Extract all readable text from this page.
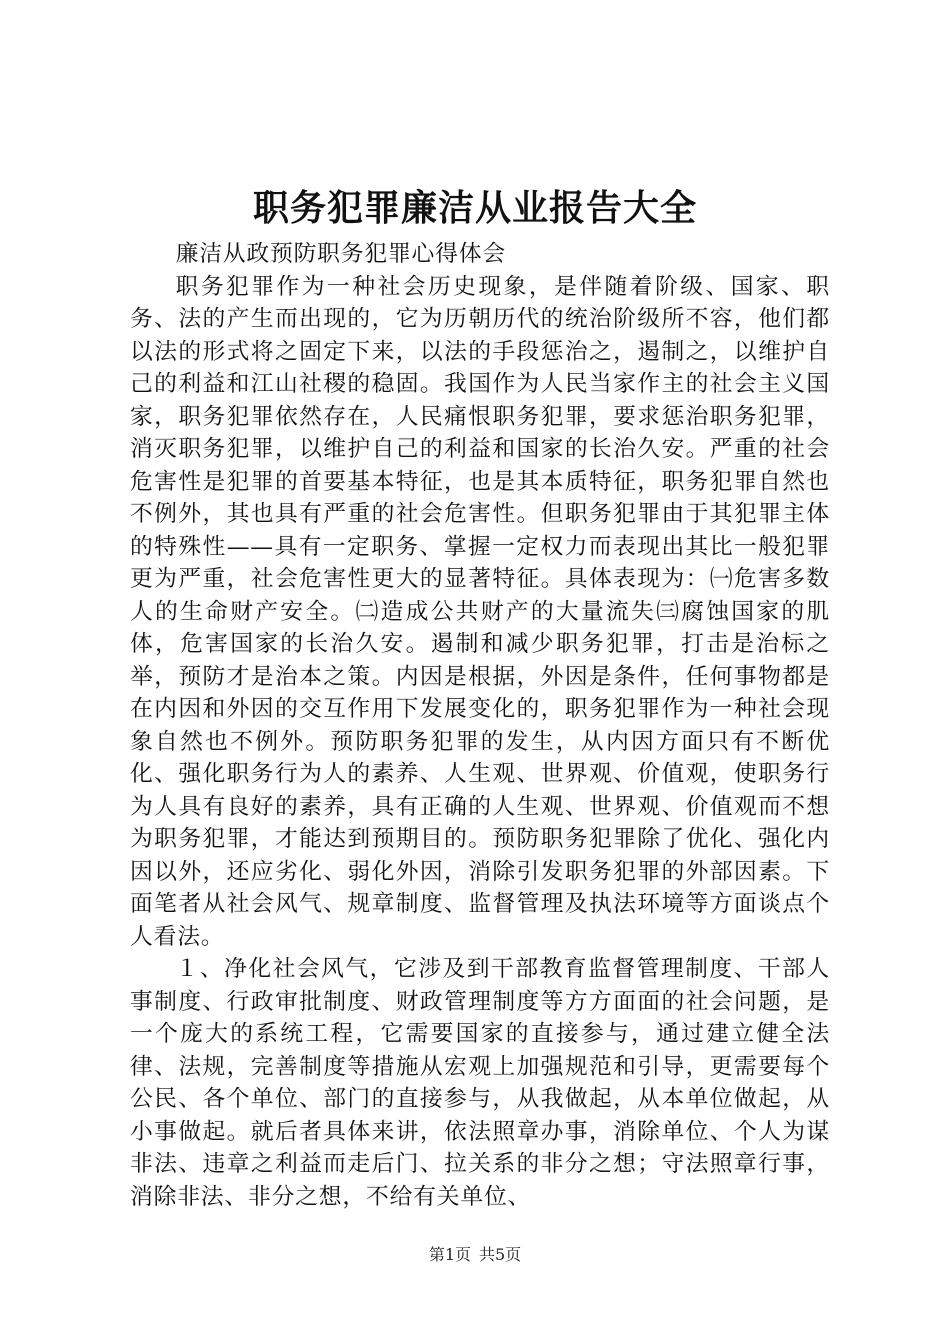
职务犯罪廉洁从业报告大全

廉洁从政预防职务犯罪心得体会

职务犯罪作为一种社会历史现象，是伴随着阶级、国家、职务、法的产生而出现的，它为历朝历代的统治阶级所不容，他们都以法的形式将之固定下来，以法的手段惩治之，遏制之，以维护自己的利益和江山社稷的稳固。我国作为人民当家作主的社会主义国家，职务犯罪依然存在，人民痛恨职务犯罪，要求惩治职务犯罪，消灭职务犯罪，以维护自己的利益和国家的长治久安。严重的社会危害性是犯罪的首要基本特征，也是其本质特征，职务犯罪自然也不例外，其也具有严重的社会危害性。但职务犯罪由于其犯罪主体的特殊性——具有一定职务、掌握一定权力而表现出其比一般犯罪更为严重，社会危害性更大的显著特征。具体表现为：㈠危害多数人的生命财产安全。㈡造成公共财产的大量流失㈢腐蚀国家的肌体，危害国家的长治久安。遏制和减少职务犯罪，打击是治标之举，预防才是治本之策。内因是根据，外因是条件，任何事物都是在内因和外因的交互作用下发展变化的，职务犯罪作为一种社会现象自然也不例外。预防职务犯罪的发生，从内因方面只有不断优化、强化职务行为人的素养、人生观、世界观、价值观，使职务行为人具有良好的素养，具有正确的人生观、世界观、价值观而不想为职务犯罪，才能达到预期目的。预防职务犯罪除了优化、强化内因以外，还应劣化、弱化外因，消除引发职务犯罪的外部因素。下面笔者从社会风气、规章制度、监督管理及执法环境等方面谈点个人看法。

１、净化社会风气，它涉及到干部教育监督管理制度、干部人事制度、行政审批制度、财政管理制度等方方面面的社会问题，是一个庞大的系统工程，它需要国家的直接参与，通过建立健全法律、法规，完善制度等措施从宏观上加强规范和引导，更需要每个公民、各个单位、部门的直接参与，从我做起，从本单位做起，从小事做起。就后者具体来讲，依法照章办事，消除单位、个人为谋非法、违章之利益而走后门、拉关系的非分之想；守法照章行事，消除非法、非分之想，不给有关单位、

第1页 共5页
